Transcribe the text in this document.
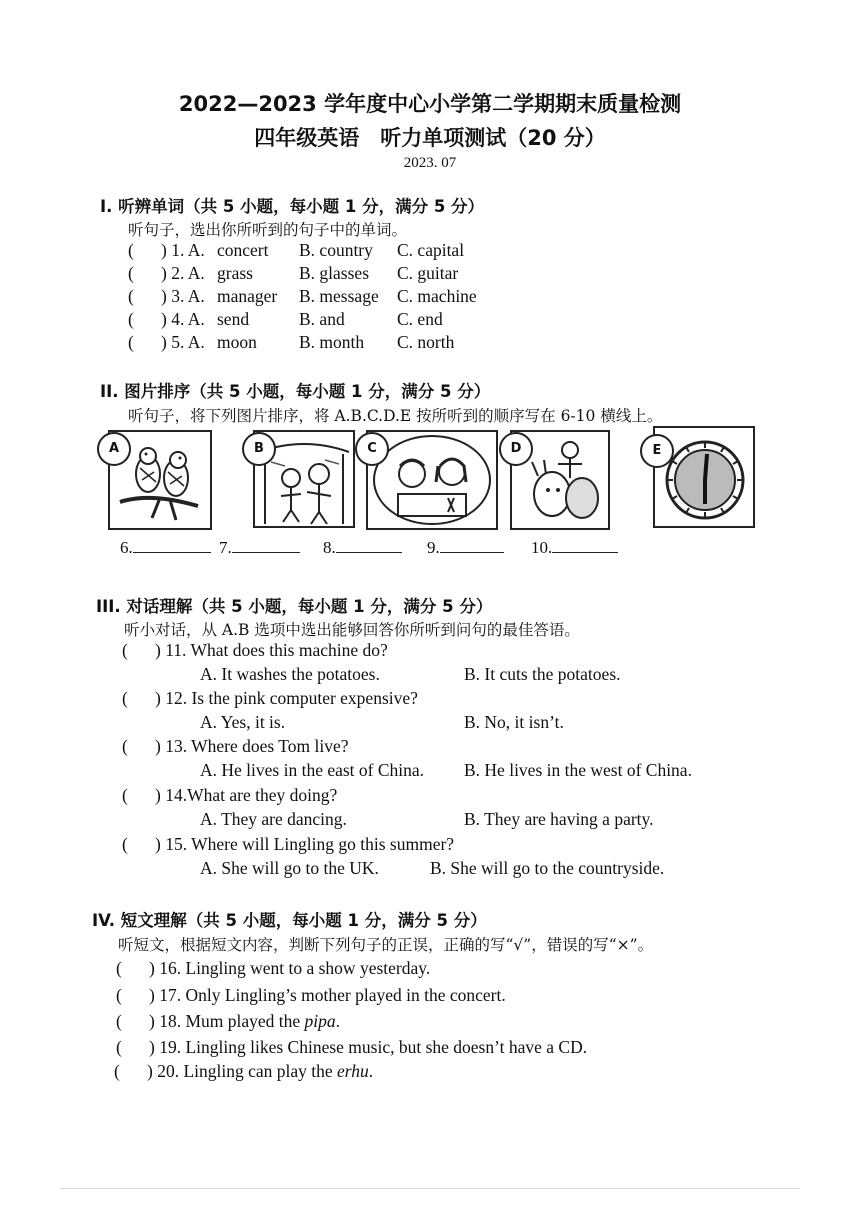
2022—2023 学年度中心小学第二学期期末质量检测
四年级英语　听力单项测试（20 分）
2023. 07
I. 听辨单词（共 5 小题，每小题 1 分，满分 5 分）
听句子，选出你所听到的句子中的单词。
( ) 1. A. concert B. country C. capital
( ) 2. A. grass	B. glasses C. guitar
( ) 3. A. manager B. message C. machine
( ) 4. A. send	B. and	C. end
( ) 5. A. moon B. month C. north
II. 图片排序（共 5 小题，每小题 1 分，满分 5 分）
听句子，将下列图片排序，将 A.B.C.D.E 按所听到的顺序写在 6-10 横线上。
A	B	C	D	E
6.	7.	8.	9.	10.
III. 对话理解（共 5 小题，每小题 1 分，满分 5 分）
听小对话，从 A.B 选项中选出能够回答你所听到问句的最佳答语。
( ) 11. What does this machine do?
A. It washes the potatoes.	B. It cuts the potatoes.
( ) 12. Is the pink computer expensive?
A. Yes, it is.	B. No, it isn’t.
( ) 13. Where does Tom live?
A. He lives in the east of China. B. He lives in the west of China.
( ) 14.What are they doing?
A. They are dancing.	B. They are having a party.
( ) 15. Where will Lingling go this summer?
A. She will go to the UK.	B. She will go to the countryside.
IV. 短文理解（共 5 小题，每小题 1 分，满分 5 分）
听短文，根据短文内容，判断下列句子的正误，正确的写“√”，错误的写“×”。
( ) 16. Lingling went to a show yesterday.
( ) 17. Only Lingling’s mother played in the concert.
( ) 18. Mum played the pipa.
( ) 19. Lingling likes Chinese music, but she doesn’t have a CD.
( ) 20. Lingling can play the erhu.
